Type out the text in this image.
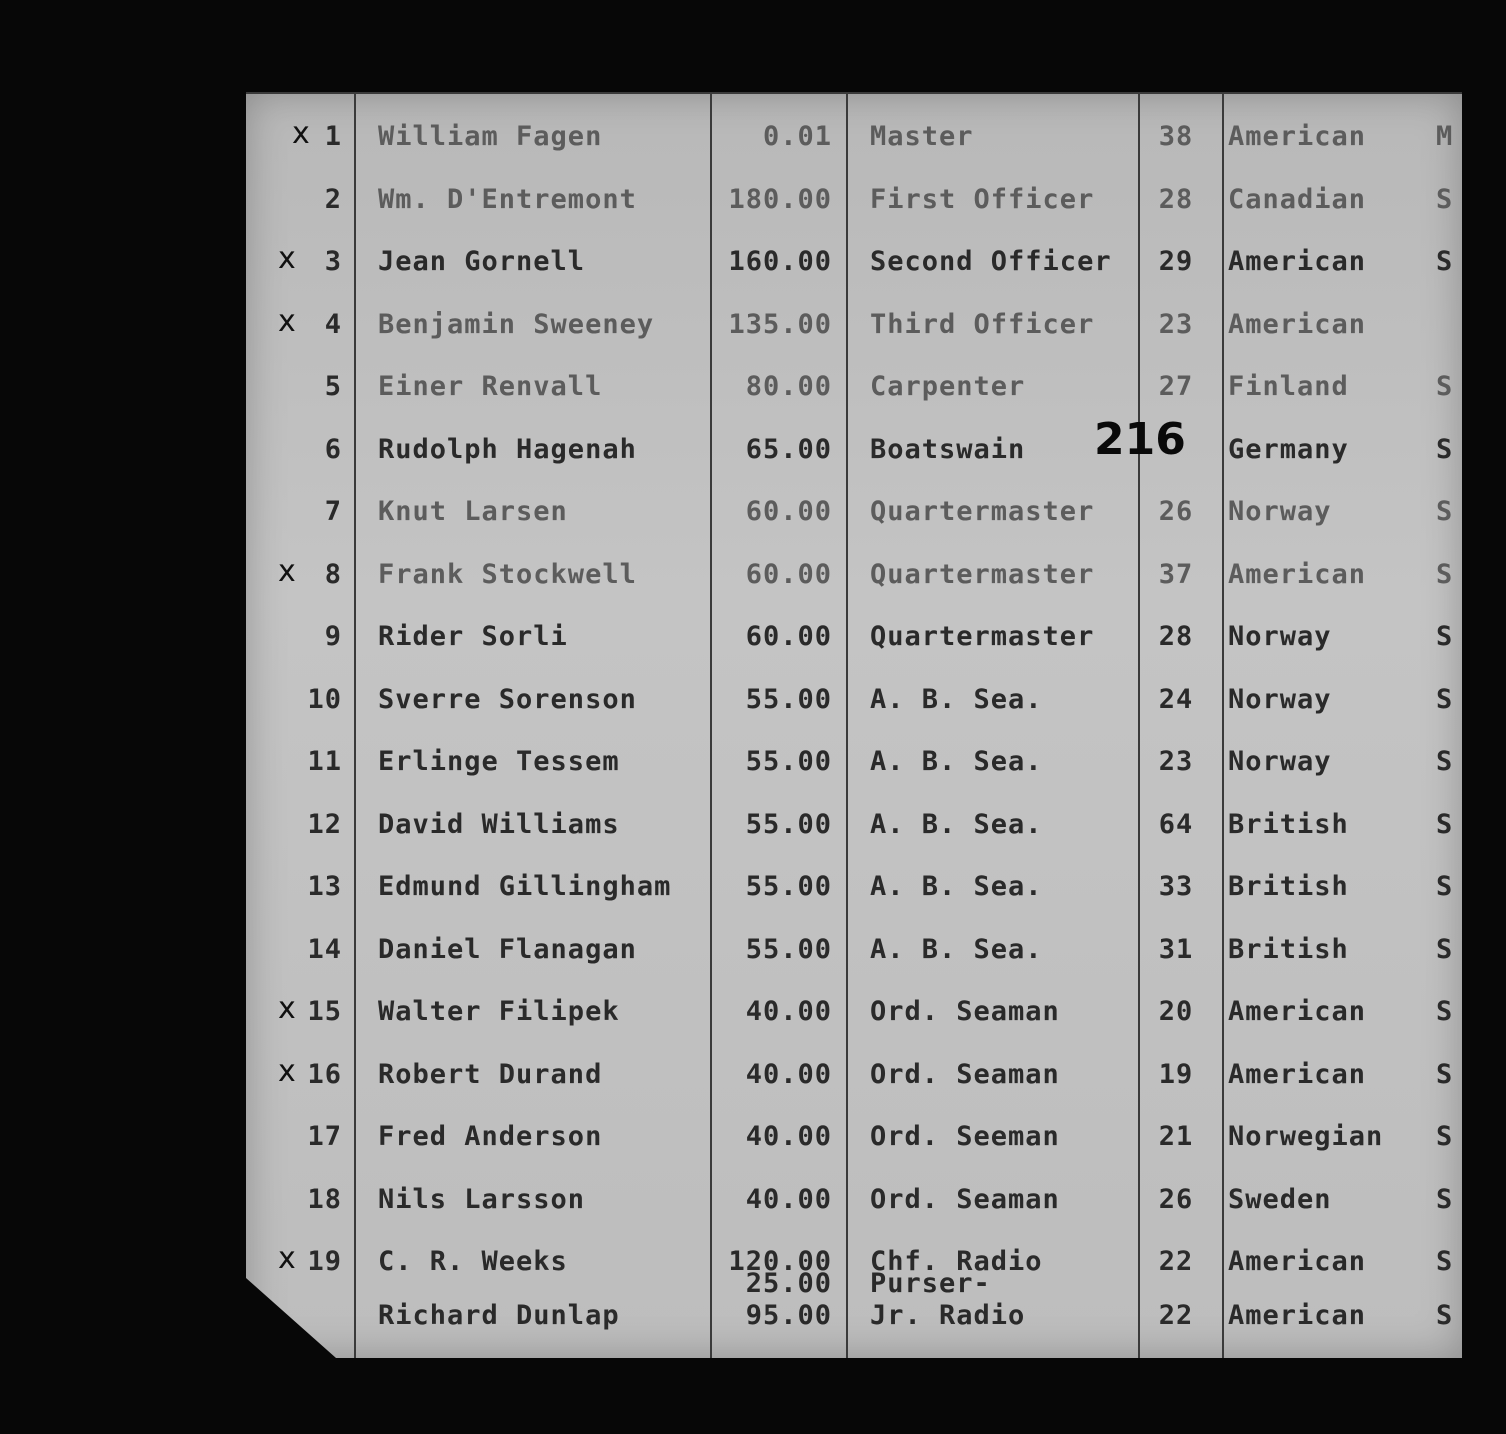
1 William Fagen	0.01 Master	38	American	M
x
2 Wm. D'Entremont	180.00 First Officer	28	Canadian	S
3 Jean Gornell	160.00 Second Officer	29	American	S
x
4 Benjamin Sweeney	135.00 Third Officer	23	American
x
5 Einer Renvall	80.00 Carpenter	27	Finland	S
6 Rudolph Hagenah	65.00 Boatswain	Germany	S
7 Knut Larsen	60.00 Quartermaster	26	Norway	S
8 Frank Stockwell	60.00 Quartermaster	37	American	S
x
9 Rider Sorli	60.00 Quartermaster	28	Norway	S
10 Sverre Sorenson	55.00 A. B. Sea.	24	Norway	S
11 Erlinge Tessem	55.00 A. B. Sea.	23	Norway	S
12 David Williams	55.00 A. B. Sea.	64	British	S
13 Edmund Gillingham	55.00 A. B. Sea.	33	British	S
14 Daniel Flanagan	55.00 A. B. Sea.	31	British	S
15 Walter Filipek	40.00 Ord. Seaman	20	American	S
x
16 Robert Durand	40.00 Ord. Seaman	19	American	S
x
17 Fred Anderson	40.00 Ord. Seeman	21	Norwegian S
18 Nils Larsson	40.00 Ord. Seaman	26	Sweden	S
19 C. R. Weeks	120.00 Chf. Radio	22	American	S
x
25.00 Purser-
Richard Dunlap	95.00 Jr. Radio	22	American	S
216
